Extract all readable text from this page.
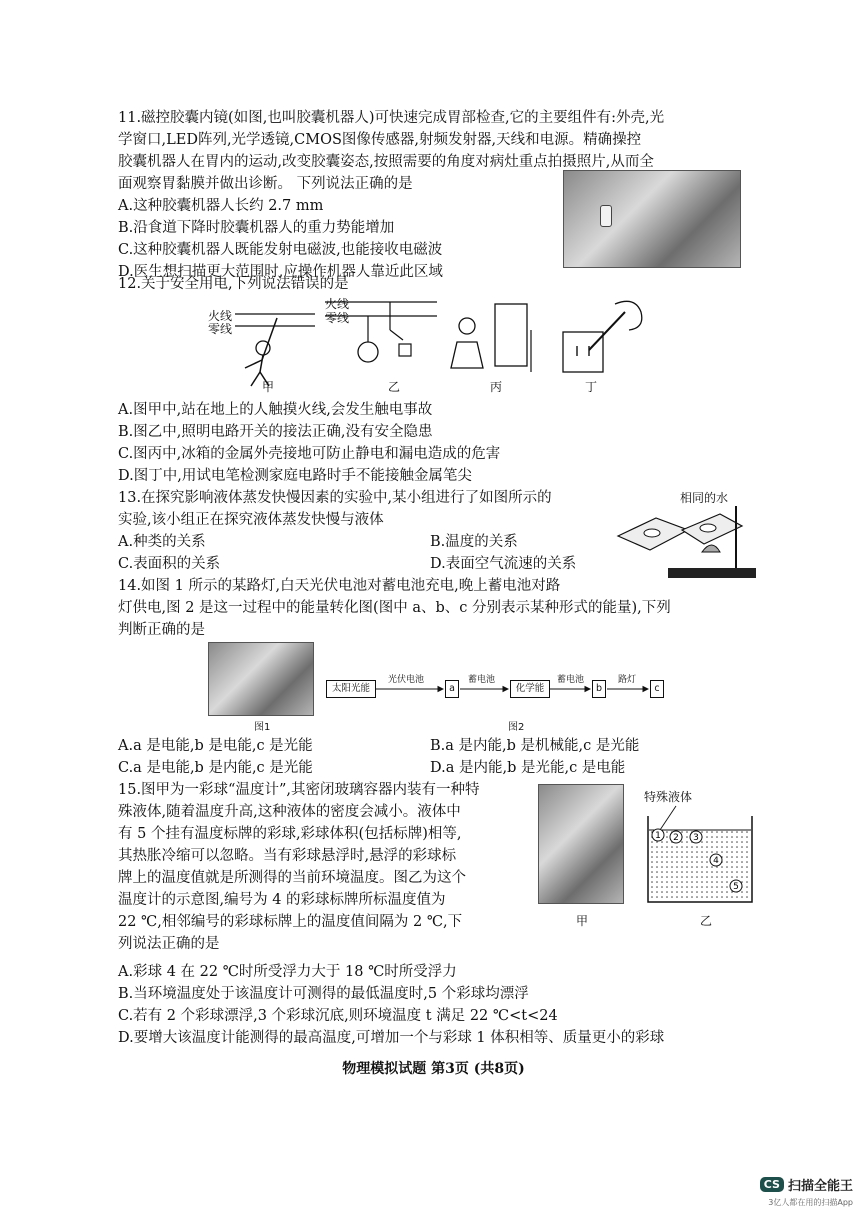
11.磁控胶囊内镜(如图,也叫胶囊机器人)可快速完成胃部检查,它的主要组件有:外壳,光
学窗口,LED阵列,光学透镜,CMOS图像传感器,射频发射器,天线和电源。精确操控
胶囊机器人在胃内的运动,改变胶囊姿态,按照需要的角度对病灶重点拍摄照片,从而全
面观察胃黏膜并做出诊断。 下列说法正确的是
A.这种胶囊机器人长约 2.7 mm
B.沿食道下降时胶囊机器人的重力势能增加
C.这种胶囊机器人既能发射电磁波,也能接收电磁波
D.医生想扫描更大范围时,应操作机器人靠近此区域
12.关于安全用电,下列说法错误的是
火线
零线
火线
零线
甲	乙	丙	丁
A.图甲中,站在地上的人触摸火线,会发生触电事故
B.图乙中,照明电路开关的接法正确,没有安全隐患
C.图丙中,冰箱的金属外壳接地可防止静电和漏电造成的危害
D.图丁中,用试电笔检测家庭电路时手不能接触金属笔尖
13.在探究影响液体蒸发快慢因素的实验中,某小组进行了如图所示的
实验,该小组正在探究液体蒸发快慢与液体
A.种类的关系	B.温度的关系
C.表面积的关系	D.表面空气流速的关系
相同的水
14.如图 1 所示的某路灯,白天光伏电池对蓄电池充电,晚上蓄电池对路
灯供电,图 2 是这一过程中的能量转化图(图中 a、b、c 分别表示某种形式的能量),下列
判断正确的是
太阳光能
光伏电池
a
蓄电池
化学能
蓄电池
b
路灯
c
图1	图2
A.a 是电能,b 是电能,c 是光能	B.a 是内能,b 是机械能,c 是光能
C.a 是电能,b 是内能,c 是光能	D.a 是内能,b 是光能,c 是电能
15.图甲为一彩球“温度计”,其密闭玻璃容器内装有一种特
殊液体,随着温度升高,这种液体的密度会减小。液体中
有 5 个挂有温度标牌的彩球,彩球体积(包括标牌)相等,
其热胀冷缩可以忽略。当有彩球悬浮时,悬浮的彩球标
牌上的温度值就是所测得的当前环境温度。图乙为这个
温度计的示意图,编号为 4 的彩球标牌所标温度值为
22 ℃,相邻编号的彩球标牌上的温度值间隔为 2 ℃,下
列说法正确的是
甲
特殊液体
1 2 3
4
5
乙
A.彩球 4 在 22 ℃时所受浮力大于 18 ℃时所受浮力
B.当环境温度处于该温度计可测得的最低温度时,5 个彩球均漂浮
C.若有 2 个彩球漂浮,3 个彩球沉底,则环境温度 t 满足 22 ℃<t<24
D.要增大该温度计能测得的最高温度,可增加一个与彩球 1 体积相等、质量更小的彩球
物理模拟试题 第3页 (共8页)
CS 扫描全能王
3亿人都在用的扫描App
